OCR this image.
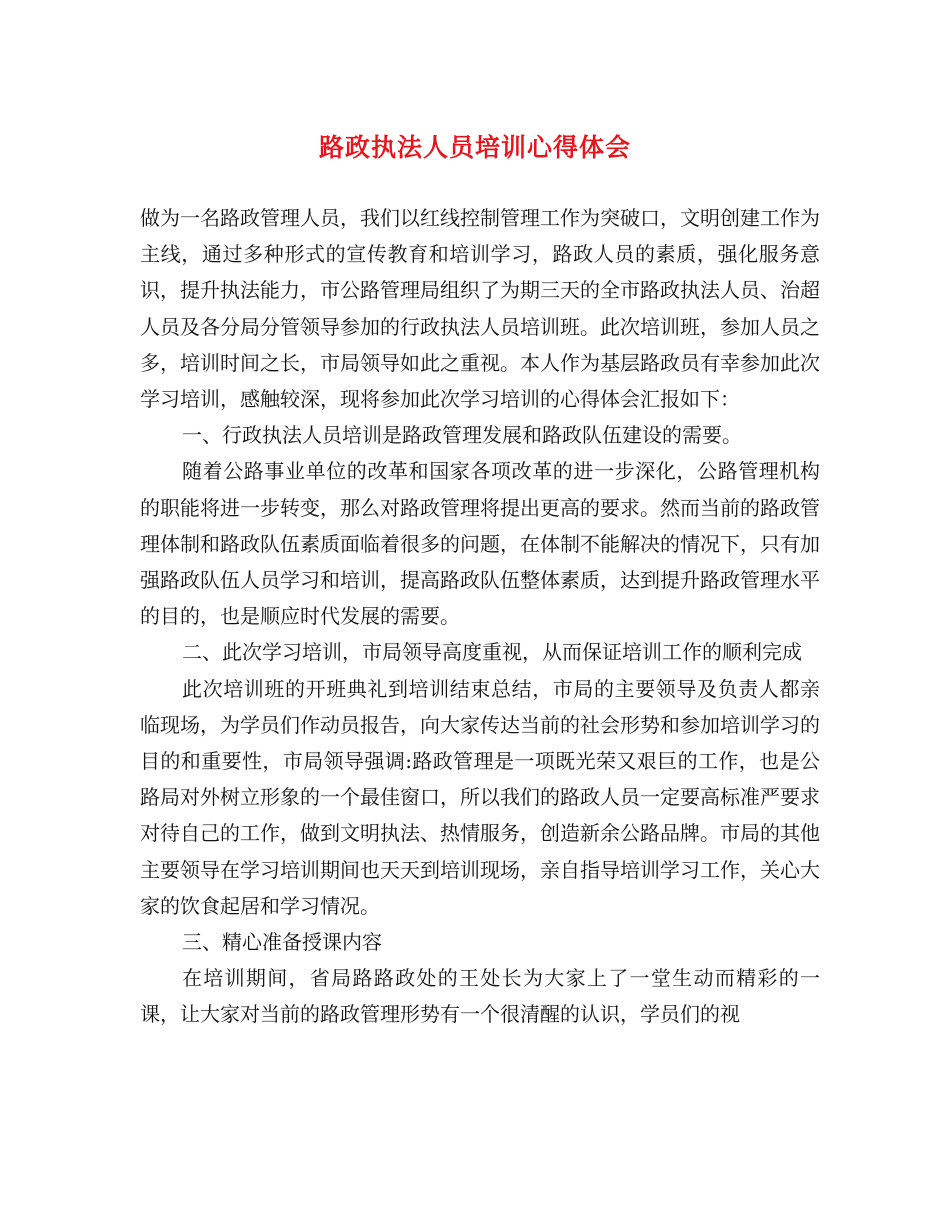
路政执法人员培训心得体会

做为一名路政管理人员，我们以红线控制管理工作为突破口，文明创建工作为主线，通过多种形式的宣传教育和培训学习，路政人员的素质，强化服务意识，提升执法能力，市公路管理局组织了为期三天的全市路政执法人员、治超人员及各分局分管领导参加的行政执法人员培训班。此次培训班，参加人员之多，培训时间之长，市局领导如此之重视。本人作为基层路政员有幸参加此次学习培训，感触较深，现将参加此次学习培训的心得体会汇报如下：

一、行政执法人员培训是路政管理发展和路政队伍建设的需要。

随着公路事业单位的改革和国家各项改革的进一步深化，公路管理机构的职能将进一步转变，那么对路政管理将提出更高的要求。然而当前的路政管理体制和路政队伍素质面临着很多的问题，在体制不能解决的情况下，只有加强路政队伍人员学习和培训，提高路政队伍整体素质，达到提升路政管理水平的目的，也是顺应时代发展的需要。

二、此次学习培训，市局领导高度重视，从而保证培训工作的顺利完成

此次培训班的开班典礼到培训结束总结，市局的主要领导及负责人都亲临现场，为学员们作动员报告，向大家传达当前的社会形势和参加培训学习的目的和重要性，市局领导强调:路政管理是一项既光荣又艰巨的工作，也是公路局对外树立形象的一个最佳窗口，所以我们的路政人员一定要高标准严要求对待自己的工作，做到文明执法、热情服务，创造新余公路品牌。市局的其他主要领导在学习培训期间也天天到培训现场，亲自指导培训学习工作，关心大家的饮食起居和学习情况。

三、精心准备授课内容

在培训期间，省局路路政处的王处长为大家上了一堂生动而精彩的一课，让大家对当前的路政管理形势有一个很清醒的认识，学员们的视
